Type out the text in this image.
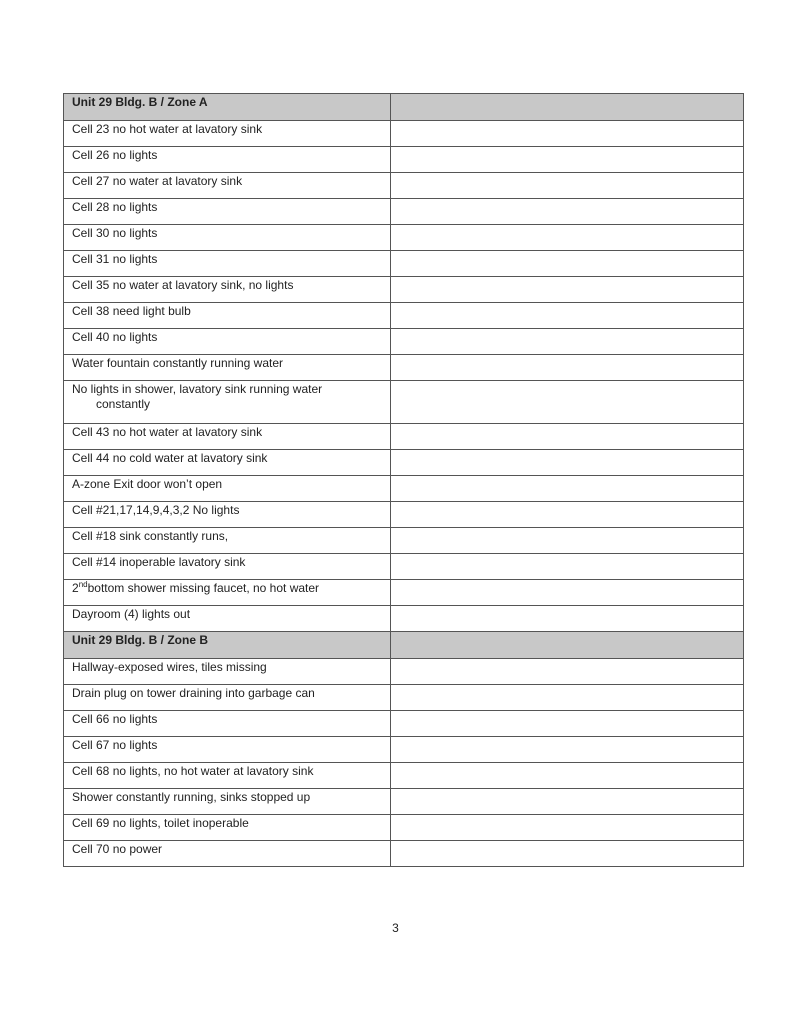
Unit 29 Bldg. B / Zone A	
Cell 23 no hot water at lavatory sink	
Cell 26 no lights	
Cell 27 no water at lavatory sink	
Cell 28 no lights	
Cell 30 no lights	
Cell 31 no lights	
Cell 35 no water at lavatory sink, no lights	
Cell 38 need light bulb	
Cell 40 no lights	
Water fountain constantly running water	
No lights in shower, lavatory sink running water
constantly	

Cell 43 no hot water at lavatory sink	
Cell 44 no cold water at lavatory sink	
A-zone Exit door won’t open	
Cell #21,17,14,9,4,3,2 No lights	
Cell #18 sink constantly runs,	
Cell #14 inoperable lavatory sink	
2ndbottom shower missing faucet, no hot water	
Dayroom (4) lights out	
Unit 29 Bldg. B / Zone B	
Hallway-exposed wires, tiles missing	
Drain plug on tower draining into garbage can	
Cell 66 no lights	
Cell 67 no lights	
Cell 68 no lights, no hot water at lavatory sink	
Shower constantly running, sinks stopped up	
Cell 69 no lights, toilet inoperable	
Cell 70 no power	
3
